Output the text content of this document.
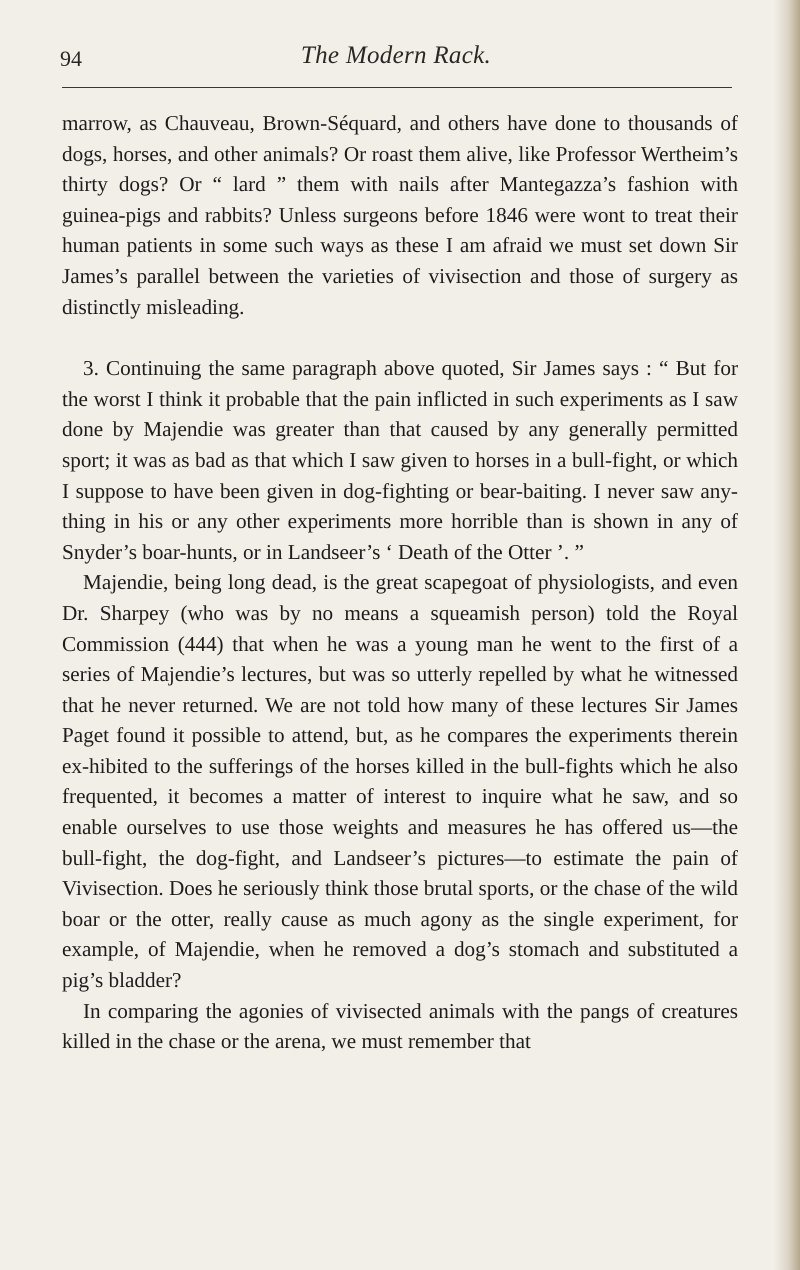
94	The Modern Rack.

marrow, as Chauveau, Brown-Séquard, and others have done to thousands of dogs, horses, and other animals? Or roast them alive, like Professor Wertheim’s thirty dogs? Or “ lard ” them with nails after Mantegazza’s fashion with guinea-pigs and rabbits? Unless surgeons before 1846 were wont to treat their human patients in some such ways as these I am afraid we must set down Sir James’s parallel between the varieties of vivisection and those of surgery as distinctly misleading.

3. Continuing the same paragraph above quoted, Sir James says : “ But for the worst I think it probable that the pain inflicted in such experiments as I saw done by Majendie was greater than that caused by any generally permitted sport; it was as bad as that which I saw given to horses in a bull-fight, or which I suppose to have been given in dog-fighting or bear-baiting. I never saw any-thing in his or any other experiments more horrible than is shown in any of Snyder’s boar-hunts, or in Landseer’s ‘ Death of the Otter ’. ”

Majendie, being long dead, is the great scapegoat of physiologists, and even Dr. Sharpey (who was by no means a squeamish person) told the Royal Commission (444) that when he was a young man he went to the first of a series of Majendie’s lectures, but was so utterly repelled by what he witnessed that he never returned. We are not told how many of these lectures Sir James Paget found it possible to attend, but, as he compares the experiments therein ex-hibited to the sufferings of the horses killed in the bull-fights which he also frequented, it becomes a matter of interest to inquire what he saw, and so enable ourselves to use those weights and measures he has offered us—the bull-fight, the dog-fight, and Landseer’s pictures—to estimate the pain of Vivisection. Does he seriously think those brutal sports, or the chase of the wild boar or the otter, really cause as much agony as the single experiment, for example, of Majendie, when he removed a dog’s stomach and substituted a pig’s bladder?

In comparing the agonies of vivisected animals with the pangs of creatures killed in the chase or the arena, we must remember that
